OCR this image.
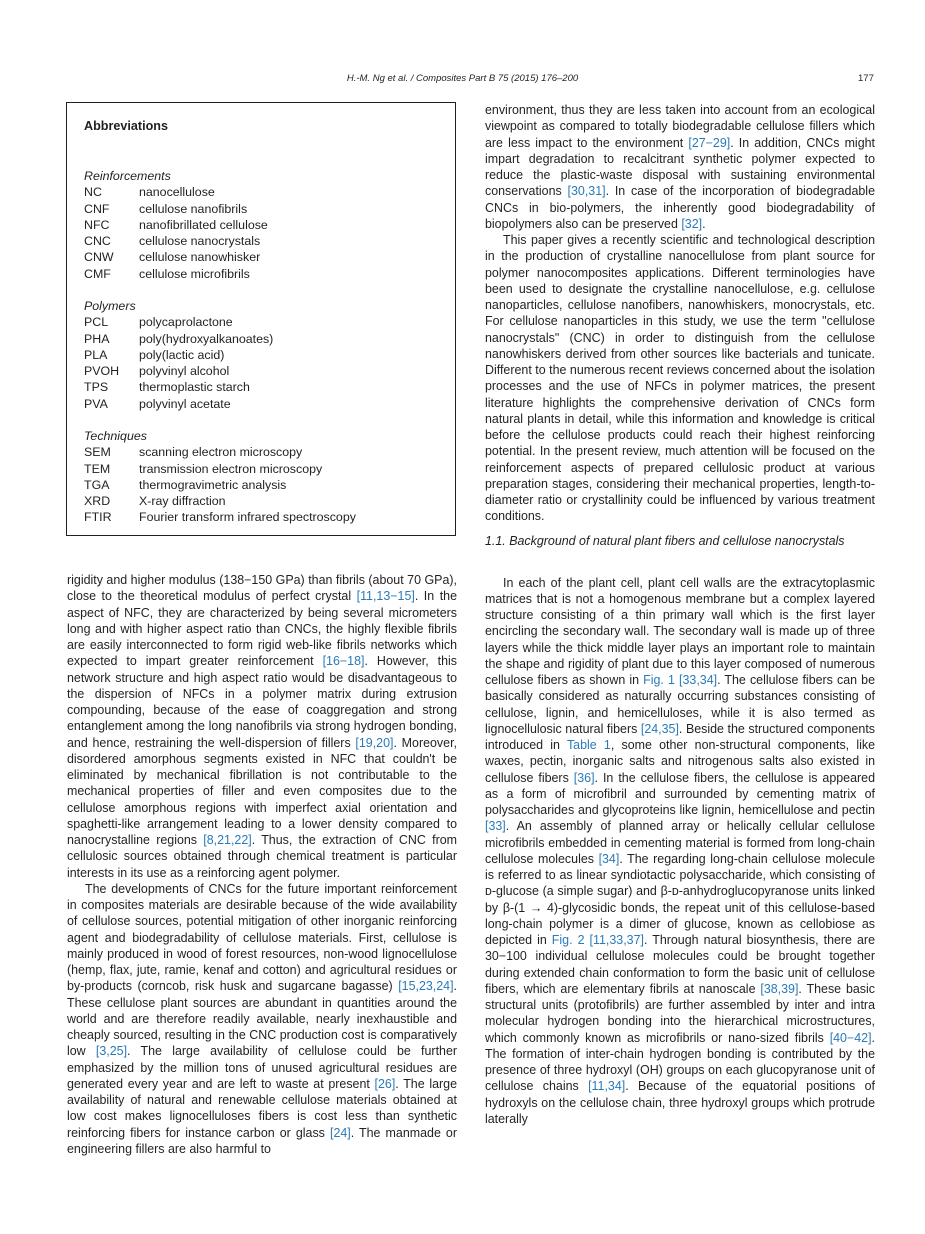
H.-M. Ng et al. / Composites Part B 75 (2015) 176–200	177
Abbreviations
Reinforcements
NC	nanocellulose
CNF cellulose nanofibrils
NFC nanofibrillated cellulose
CNC cellulose nanocrystals
CNW cellulose nanowhisker
CMF cellulose microfibrils
Polymers
PCL polycaprolactone
PHA poly(hydroxyalkanoates)
PLA	poly(lactic acid)
PVOH polyvinyl alcohol
TPS thermoplastic starch
PVA	polyvinyl acetate
Techniques
SEM scanning electron microscopy
TEM transmission electron microscopy
TGA thermogravimetric analysis
XRD X-ray diffraction
FTIR Fourier transform infrared spectroscopy

rigidity and higher modulus (138−150 GPa) than fibrils (about 70 GPa), close to the theoretical modulus of perfect crystal [11,13−15]. In the aspect of NFC, they are characterized by being several micrometers long and with higher aspect ratio than CNCs, the highly flexible fibrils are easily interconnected to form rigid web-like fibrils networks which expected to impart greater reinforcement [16−18]. However, this network structure and high aspect ratio would be disadvantageous to the dispersion of NFCs in a polymer matrix during extrusion compounding, because of the ease of coaggregation and strong entanglement among the long nanofibrils via strong hydrogen bonding, and hence, restraining the well-dispersion of fillers [19,20]. Moreover, disordered amorphous segments existed in NFC that couldn't be eliminated by mechanical fibrillation is not contributable to the mechanical properties of filler and even composites due to the cellulose amorphous regions with imperfect axial orientation and spaghetti-like arrangement leading to a lower density compared to nanocrystalline regions [8,21,22]. Thus, the extraction of CNC from cellulosic sources obtained through chemical treatment is particular interests in its use as a reinforcing agent polymer.

The developments of CNCs for the future important reinforcement in composites materials are desirable because of the wide availability of cellulose sources, potential mitigation of other inorganic reinforcing agent and biodegradability of cellulose materials. First, cellulose is mainly produced in wood of forest resources, non-wood lignocellulose (hemp, flax, jute, ramie, kenaf and cotton) and agricultural residues or by-products (corncob, risk husk and sugarcane bagasse) [15,23,24]. These cellulose plant sources are abundant in quantities around the world and are therefore readily available, nearly inexhaustible and cheaply sourced, resulting in the CNC production cost is comparatively low [3,25]. The large availability of cellulose could be further emphasized by the million tons of unused agricultural residues are generated every year and are left to waste at present [26]. The large availability of natural and renewable cellulose materials obtained at low cost makes lignocelluloses fibers is cost less than synthetic reinforcing fibers for instance carbon or glass [24]. The manmade or engineering fillers are also harmful to

environment, thus they are less taken into account from an ecological viewpoint as compared to totally biodegradable cellulose fillers which are less impact to the environment [27−29]. In addition, CNCs might impart degradation to recalcitrant synthetic polymer expected to reduce the plastic-waste disposal with sustaining environmental conservations [30,31]. In case of the incorporation of biodegradable CNCs in bio-polymers, the inherently good biodegradability of biopolymers also can be preserved [32].

This paper gives a recently scientific and technological description in the production of crystalline nanocellulose from plant source for polymer nanocomposites applications. Different terminologies have been used to designate the crystalline nanocellulose, e.g. cellulose nanoparticles, cellulose nanofibers, nanowhiskers, monocrystals, etc. For cellulose nanoparticles in this study, we use the term "cellulose nanocrystals" (CNC) in order to distinguish from the cellulose nanowhiskers derived from other sources like bacterials and tunicate. Different to the numerous recent reviews concerned about the isolation processes and the use of NFCs in polymer matrices, the present literature highlights the comprehensive derivation of CNCs form natural plants in detail, while this information and knowledge is critical before the cellulose products could reach their highest reinforcing potential. In the present review, much attention will be focused on the reinforcement aspects of prepared cellulosic product at various preparation stages, considering their mechanical properties, length-to-diameter ratio or crystallinity could be influenced by various treatment conditions.

1.1. Background of natural plant fibers and cellulose nanocrystals

In each of the plant cell, plant cell walls are the extracytoplasmic matrices that is not a homogenous membrane but a complex layered structure consisting of a thin primary wall which is the first layer encircling the secondary wall. The secondary wall is made up of three layers while the thick middle layer plays an important role to maintain the shape and rigidity of plant due to this layer composed of numerous cellulose fibers as shown in Fig. 1 [33,34]. The cellulose fibers can be basically considered as naturally occurring substances consisting of cellulose, lignin, and hemicelluloses, while it is also termed as lignocellulosic natural fibers [24,35]. Beside the structured components introduced in Table 1, some other non-structural components, like waxes, pectin, inorganic salts and nitrogenous salts also existed in cellulose fibers [36]. In the cellulose fibers, the cellulose is appeared as a form of microfibril and surrounded by cementing matrix of polysaccharides and glycoproteins like lignin, hemicellulose and pectin [33]. An assembly of planned array or helically cellular cellulose microfibrils embedded in cementing material is formed from long-chain cellulose molecules [34]. The regarding long-chain cellulose molecule is referred to as linear syndiotactic polysaccharide, which consisting of ᴅ-glucose (a simple sugar) and β-ᴅ-anhydroglucopyranose units linked by β-(1 → 4)-glycosidic bonds, the repeat unit of this cellulose-based long-chain polymer is a dimer of glucose, known as cellobiose as depicted in Fig. 2 [11,33,37]. Through natural biosynthesis, there are 30−100 individual cellulose molecules could be brought together during extended chain conformation to form the basic unit of cellulose fibers, which are elementary fibrils at nanoscale [38,39]. These basic structural units (protofibrils) are further assembled by inter and intra molecular hydrogen bonding into the hierarchical microstructures, which commonly known as microfibrils or nano-sized fibrils [40−42]. The formation of inter-chain hydrogen bonding is contributed by the presence of three hydroxyl (OH) groups on each glucopyranose unit of cellulose chains [11,34]. Because of the equatorial positions of hydroxyls on the cellulose chain, three hydroxyl groups which protrude laterally
